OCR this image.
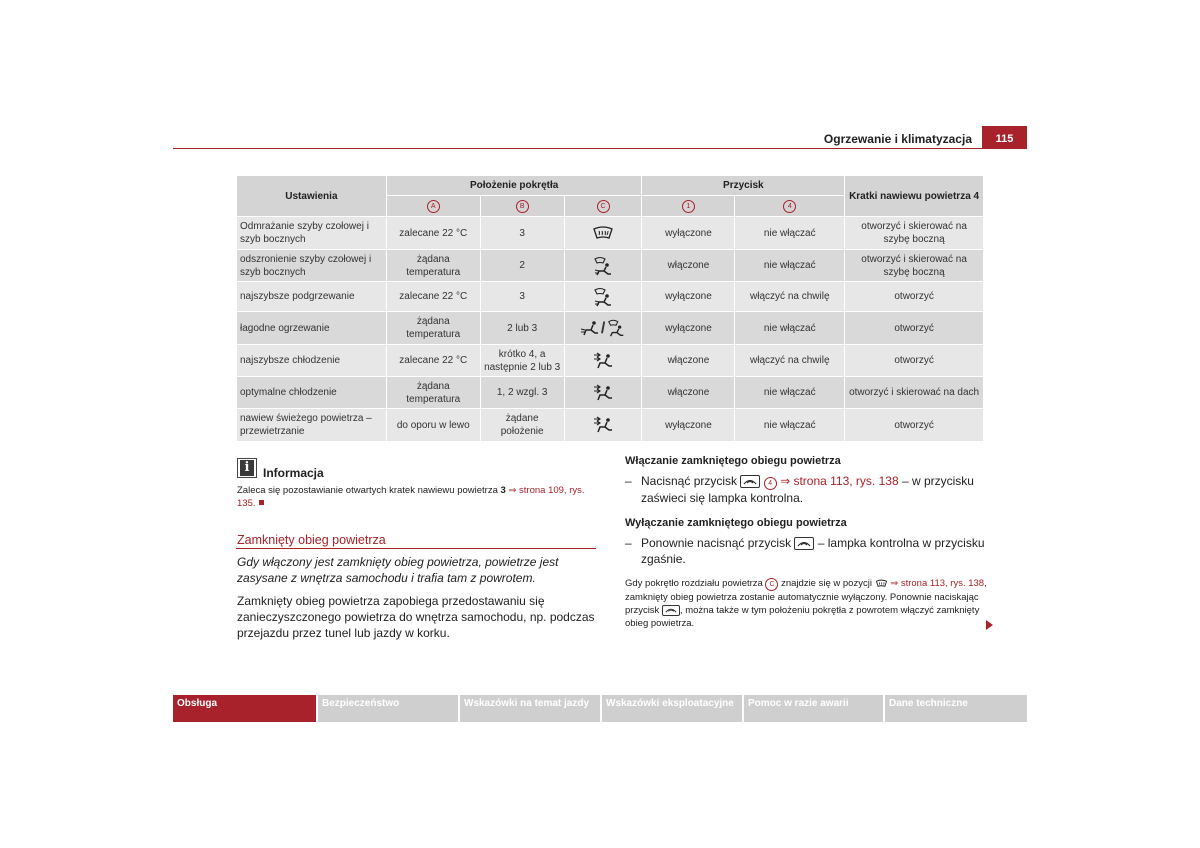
Ogrzewanie i klimatyzacja	115
Ustawienia	Położenie pokrętła			Przycisk		Kratki nawiewu powietrza 4
	A	B	C	1	4	
Odmrażanie szyby czołowej i szyb bocznych	zalecane 22 °C	3		wyłączone	nie włączać	otworzyć i skierować na szybę boczną
odszronienie szyby czołowej i szyb bocznych	żądana temperatura	2		włączone	nie włączać	otworzyć i skierować na szybę boczną
najszybsze podgrzewanie	zalecane 22 °C	3		wyłączone	włączyć na chwilę	otworzyć
łagodne ogrzewanie	żądana temperatura	2 lub 3	/	wyłączone	nie włączać	otworzyć
najszybsze chłodzenie	zalecane 22 °C	krótko 4, a następnie 2 lub 3		włączone	włączyć na chwilę	otworzyć
optymalne chłodzenie	żądana temperatura	1, 2 wzgl. 3		włączone	nie włączać	otworzyć i skierować na dach
nawiew świeżego powietrza – przewietrzanie	do oporu w lewo	żądane położenie		wyłączone	nie włączać	otworzyć
i	Informacja
Zaleca się pozostawianie otwartych kratek nawiewu powietrza 3 ⇒ strona 109, rys. 135.
Zamknięty obieg powietrza
Gdy włączony jest zamknięty obieg powietrza, powietrze jest zasysane z wnętrza samochodu i trafia tam z powrotem.
Zamknięty obieg powietrza zapobiega przedostawaniu się zanieczyszczonego powietrza do wnętrza samochodu, np. podczas przejazdu przez tunel lub jazdy w korku.
Włączanie zamkniętego obiegu powietrza
– Nacisnąć przycisk	4 ⇒ strona 113, rys. 138 – w przycisku zaświeci się lampka kontrolna.
Wyłączanie zamkniętego obiegu powietrza
– Ponownie nacisnąć przycisk  – lampka kontrolna w przycisku zgaśnie.
Gdy pokrętło rozdziału powietrza C znajdzie się w pozycji ⇒ strona 113, rys. 138, zamknięty obieg powietrza zostanie automatycznie wyłączony. Ponownie naciskając przycisk , można także w tym położeniu pokrętła z powrotem włączyć zamknięty obieg powietrza.
Obsługa	Bezpieczeństwo	Wskazówki na temat jazdy	Wskazówki eksploatacyjne	Pomoc w razie awarii	Dane techniczne
